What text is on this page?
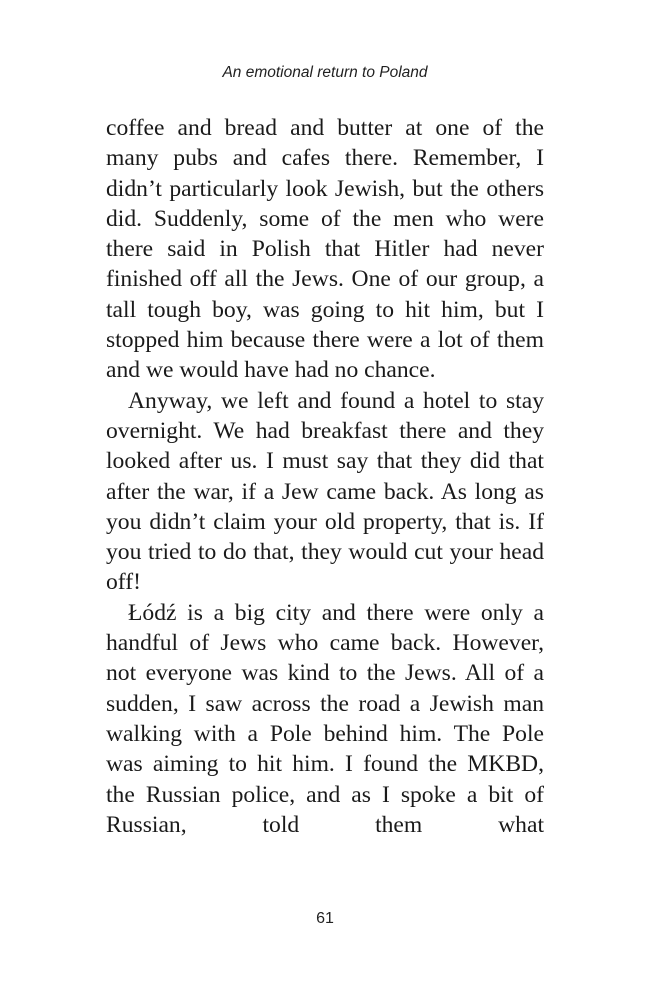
An emotional return to Poland

coffee and bread and butter at one of the many pubs and cafes there. Remember, I didn’t particularly look Jewish, but the others did. Suddenly, some of the men who were there said in Polish that Hitler had never finished off all the Jews. One of our group, a tall tough boy, was going to hit him, but I stopped him because there were a lot of them and we would have had no chance.

Anyway, we left and found a hotel to stay overnight. We had breakfast there and they looked after us. I must say that they did that after the war, if a Jew came back. As long as you didn’t claim your old property, that is. If you tried to do that, they would cut your head off!

Łódź is a big city and there were only a handful of Jews who came back. However, not everyone was kind to the Jews. All of a sudden, I saw across the road a Jewish man walking with a Pole behind him. The Pole was aiming to hit him. I found the MKBD, the Russian police, and as I spoke a bit of Russian, told them what

61
